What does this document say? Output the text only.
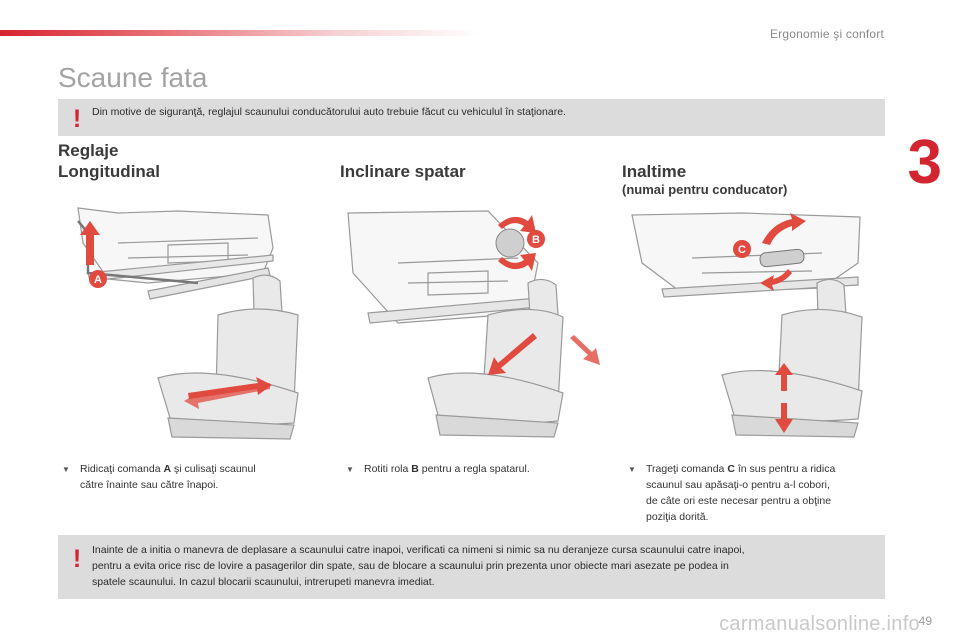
Ergonomie şi confort
3
Scaune fata
!	Din motive de siguranţă, reglajul scaunului conducătorului auto trebuie făcut cu vehiculul în staţionare.
Reglaje
Longitudinal	Inclinare spatar	Inaltime
(numai pentru conducator)
A
B
C
▼ Ridicaţi comanda A şi culisaţi scaunul
către înainte sau către înapoi.
▼ Rotiti rola B pentru a regla spatarul.	▼ Trageţi comanda C în sus pentru a ridica
scaunul sau apăsaţi-o pentru a-l cobori,
de câte ori este necesar pentru a obţine
poziţia dorită.
!	Inainte de a initia o manevra de deplasare a scaunului catre inapoi, verificati ca nimeni si nimic sa nu deranjeze cursa scaunului catre inapoi,
pentru a evita orice risc de lovire a pasagerilor din spate, sau de blocare a scaunului prin prezenta unor obiecte mari asezate pe podea in
spatele scaunului. In cazul blocarii scaunului, intrerupeti manevra imediat.
49
carmanualsonline.info
